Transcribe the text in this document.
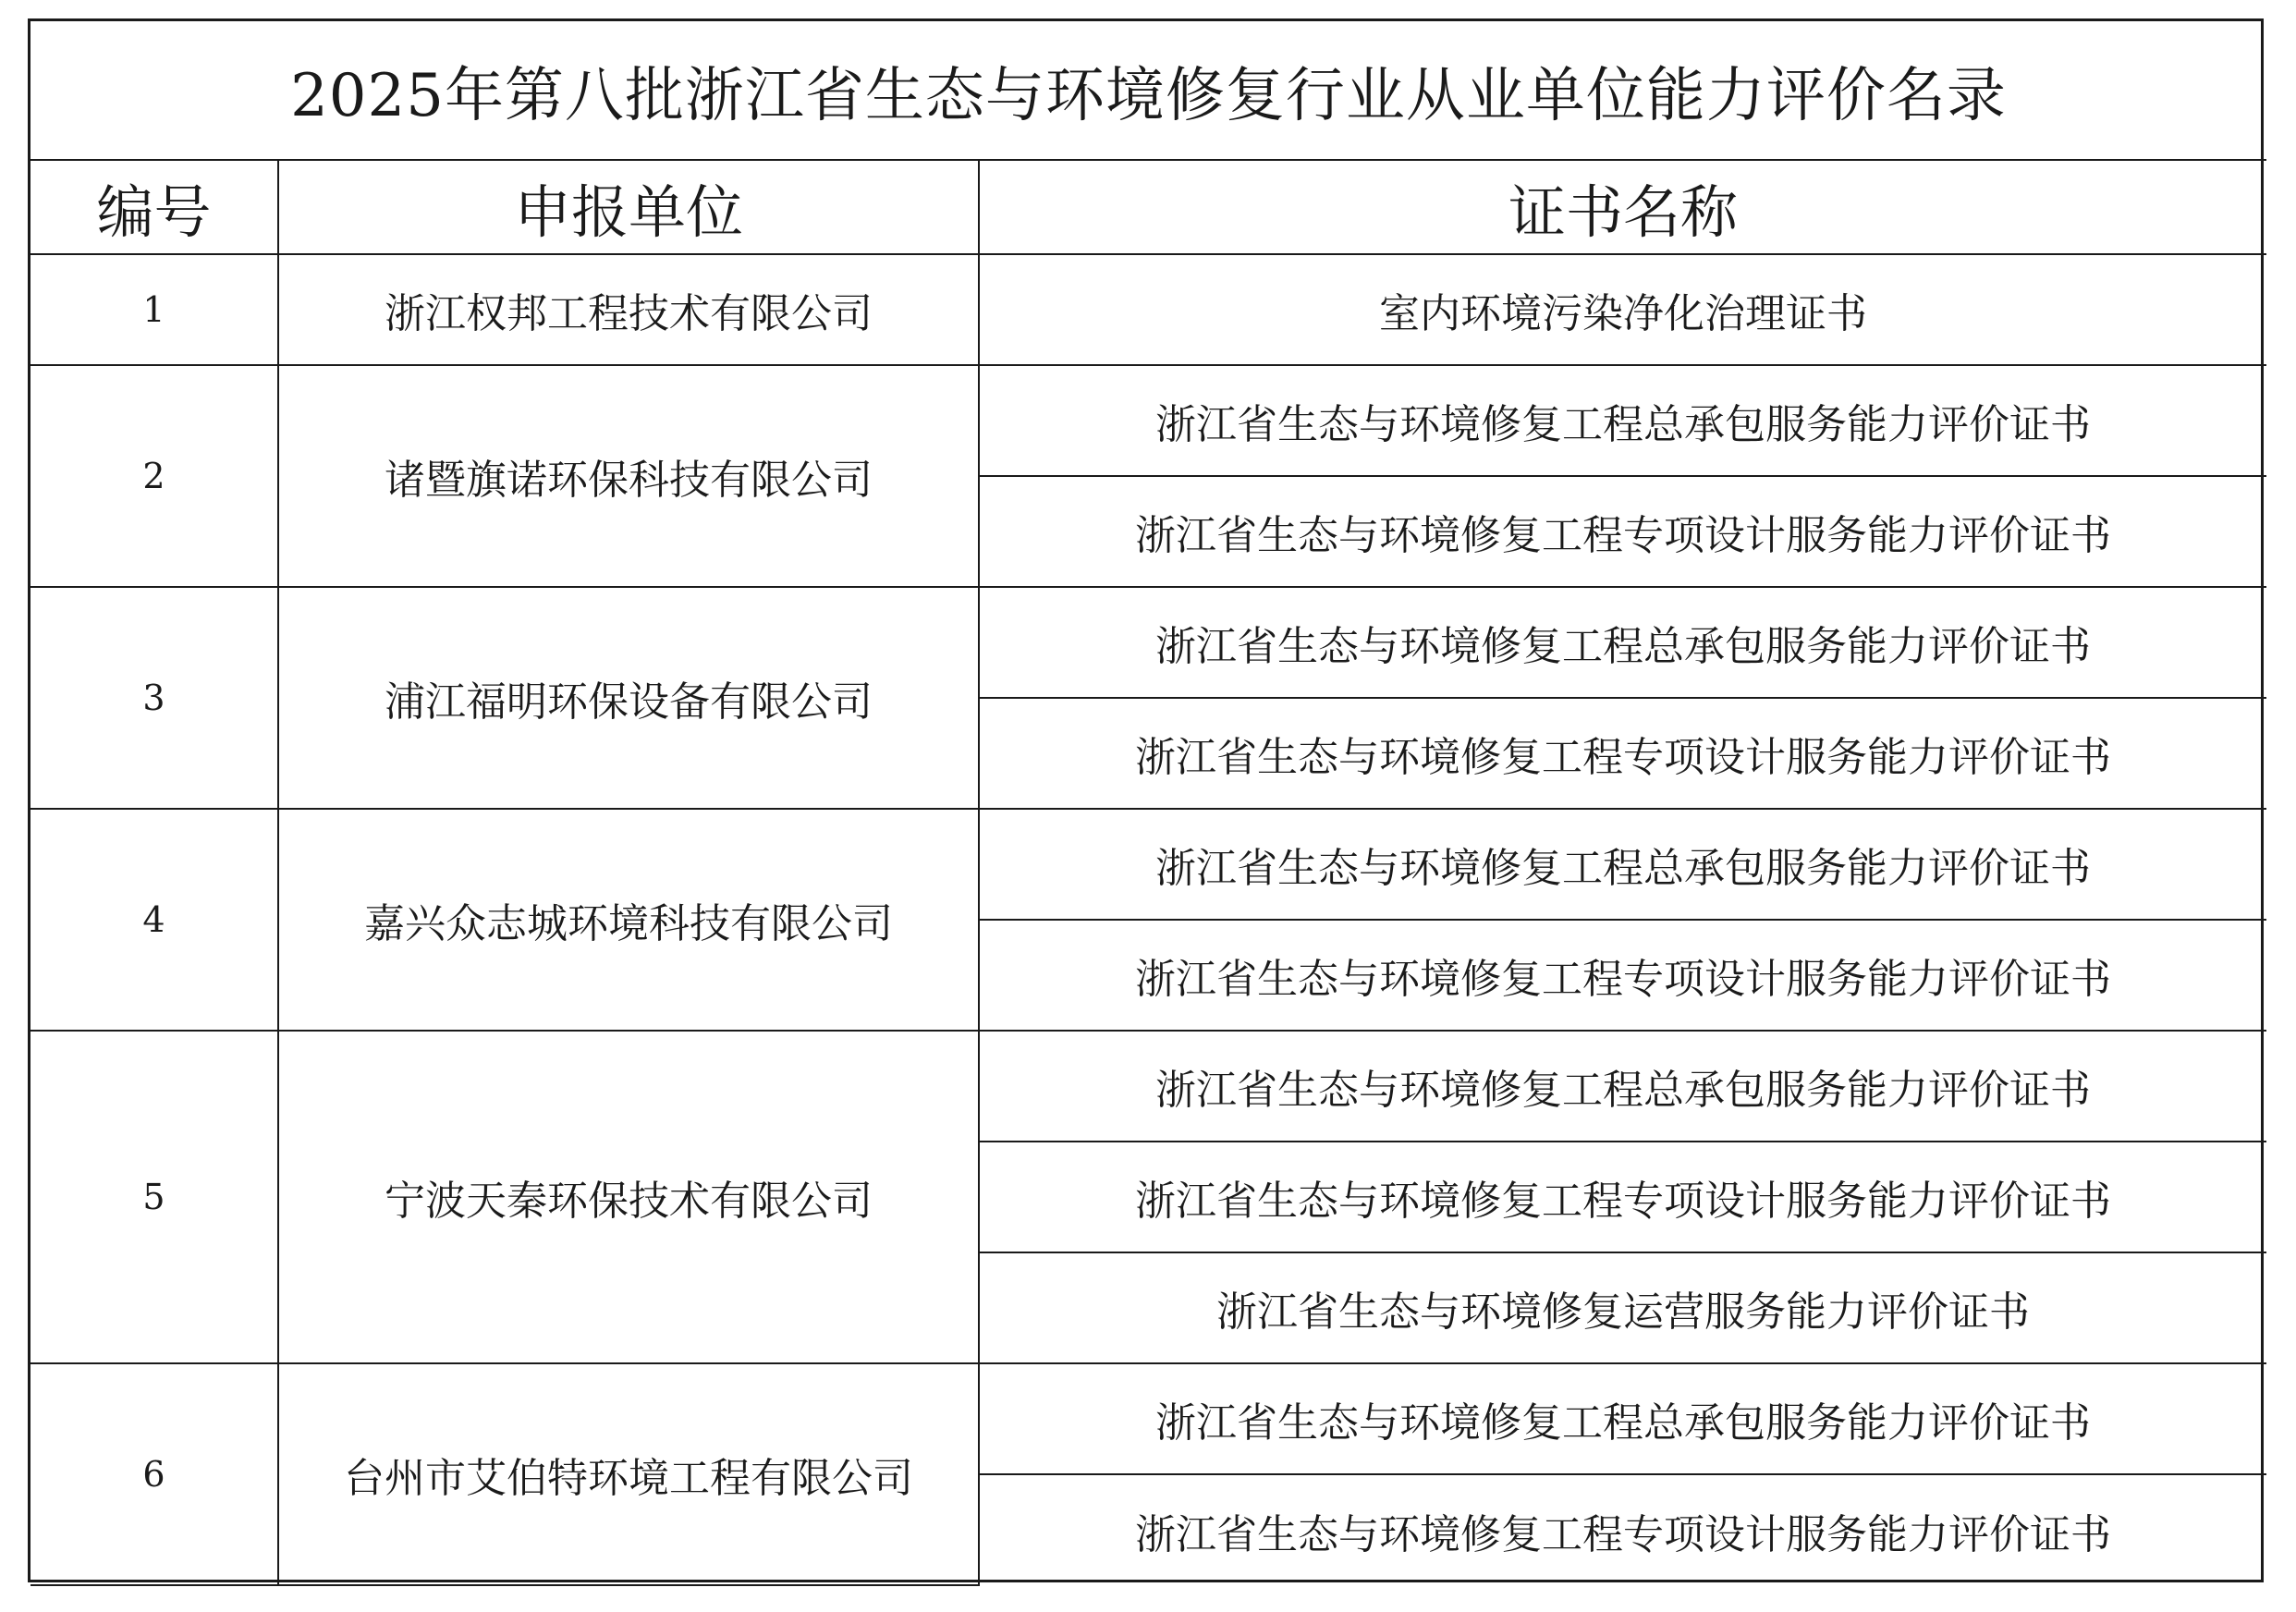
2025年第八批浙江省生态与环境修复行业从业单位能力评价名录		
编号	申报单位	证书名称
1	浙江权邦工程技术有限公司	室内环境污染净化治理证书
2	诸暨旗诺环保科技有限公司	浙江省生态与环境修复工程总承包服务能力评价证书
		浙江省生态与环境修复工程专项设计服务能力评价证书
3	浦江福明环保设备有限公司	浙江省生态与环境修复工程总承包服务能力评价证书
		浙江省生态与环境修复工程专项设计服务能力评价证书
4	嘉兴众志城环境科技有限公司	浙江省生态与环境修复工程总承包服务能力评价证书
		浙江省生态与环境修复工程专项设计服务能力评价证书
5	宁波天秦环保技术有限公司	浙江省生态与环境修复工程总承包服务能力评价证书
		浙江省生态与环境修复工程专项设计服务能力评价证书
		浙江省生态与环境修复运营服务能力评价证书
6	台州市艾伯特环境工程有限公司	浙江省生态与环境修复工程总承包服务能力评价证书
		浙江省生态与环境修复工程专项设计服务能力评价证书
